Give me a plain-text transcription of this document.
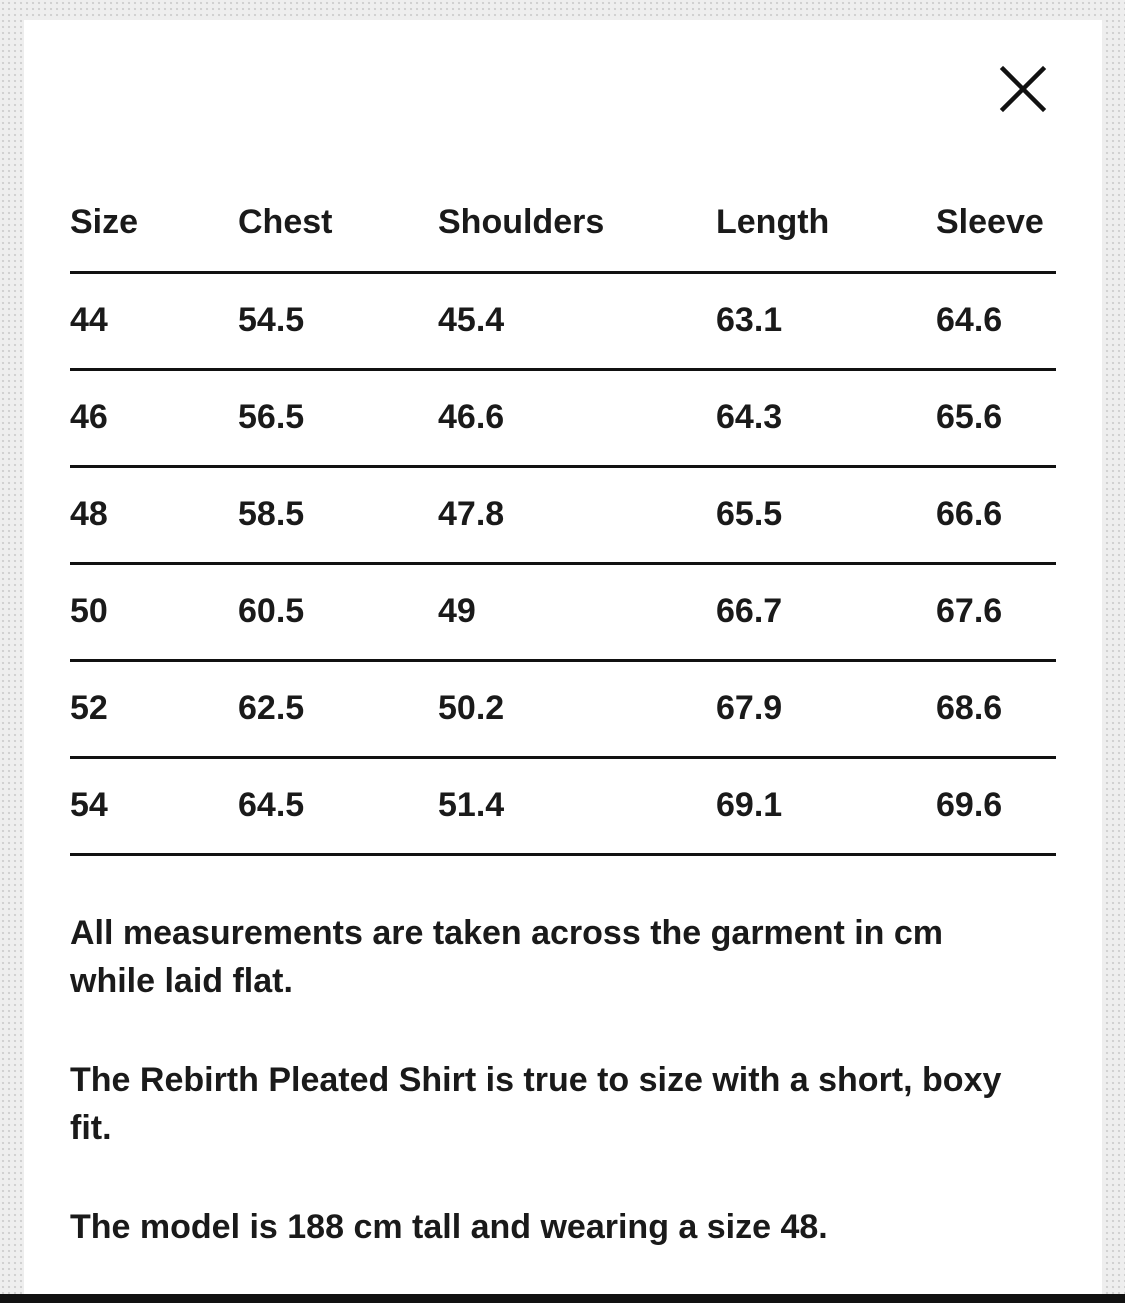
Size	Chest	Shoulders	Length	Sleeve
44	54.5	45.4	63.1	64.6
46	56.5	46.6	64.3	65.6
48	58.5	47.8	65.5	66.6
50	60.5	49	66.7	67.6
52	62.5	50.2	67.9	68.6
54	64.5	51.4	69.1	69.6

All measurements are taken across the garment in cm while laid flat.

The Rebirth Pleated Shirt is true to size with a short, boxy fit.

The model is 188 cm tall and wearing a size 48.
